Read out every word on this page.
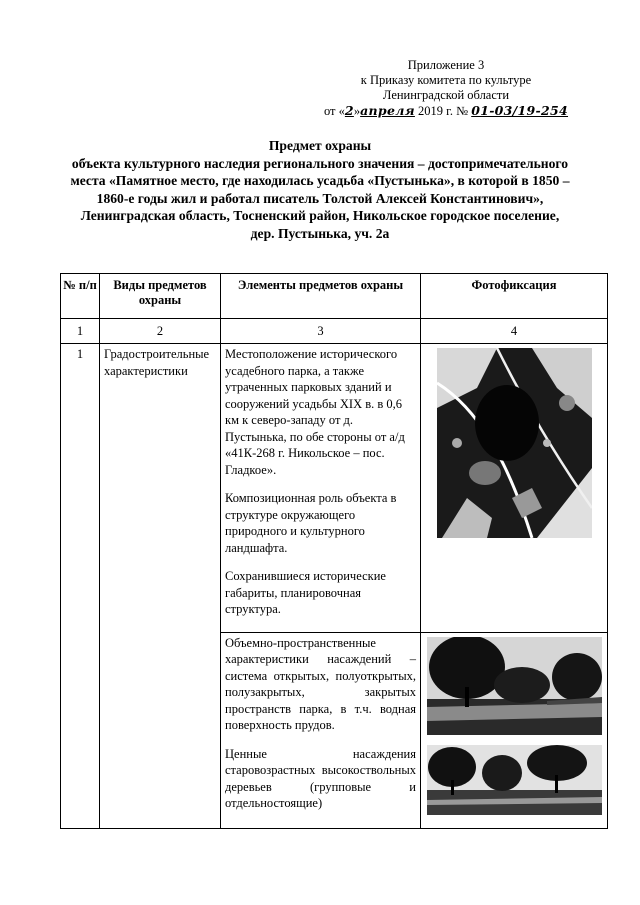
Приложение 3
к Приказу комитета по культуре
Ленинградской области
от «2»апреля 2019 г. № 01-03/19-254
Предмет охраны
объекта культурного наследия регионального значения – достопримечательного
места «Памятное место, где находилась усадьба «Пустынька», в которой в 1850 –
1860-е годы жил и работал писатель Толстой Алексей Константинович»,
Ленинградская область, Тосненский район, Никольское городское поселение,
дер. Пустынька, уч. 2а
№ п/п	Виды предметов охраны	Элементы предметов охраны	Фотофиксация
1	2	3	4

1	Градостроительные характеристики	Местоположение исторического усадебного парка, а также утраченных парковых зданий и сооружений усадьбы XIX в. в 0,6 км к северо-западу от д. Пустынька, по обе стороны от а/д «41К-268 г. Никольское – пос. Гладкое».

Композиционная роль объекта в структуре окружающего природного и культурного ландшафта.

Сохранившиеся исторические габариты, планировочная структура.

		Объемно-пространственные характеристики насаждений – система открытых, полуоткрытых, полузакрытых, закрытых пространств парка, в т.ч. водная поверхность прудов.

Ценные насаждения старовозрастных высокоствольных деревьев (групповые и отдельностоящие)
